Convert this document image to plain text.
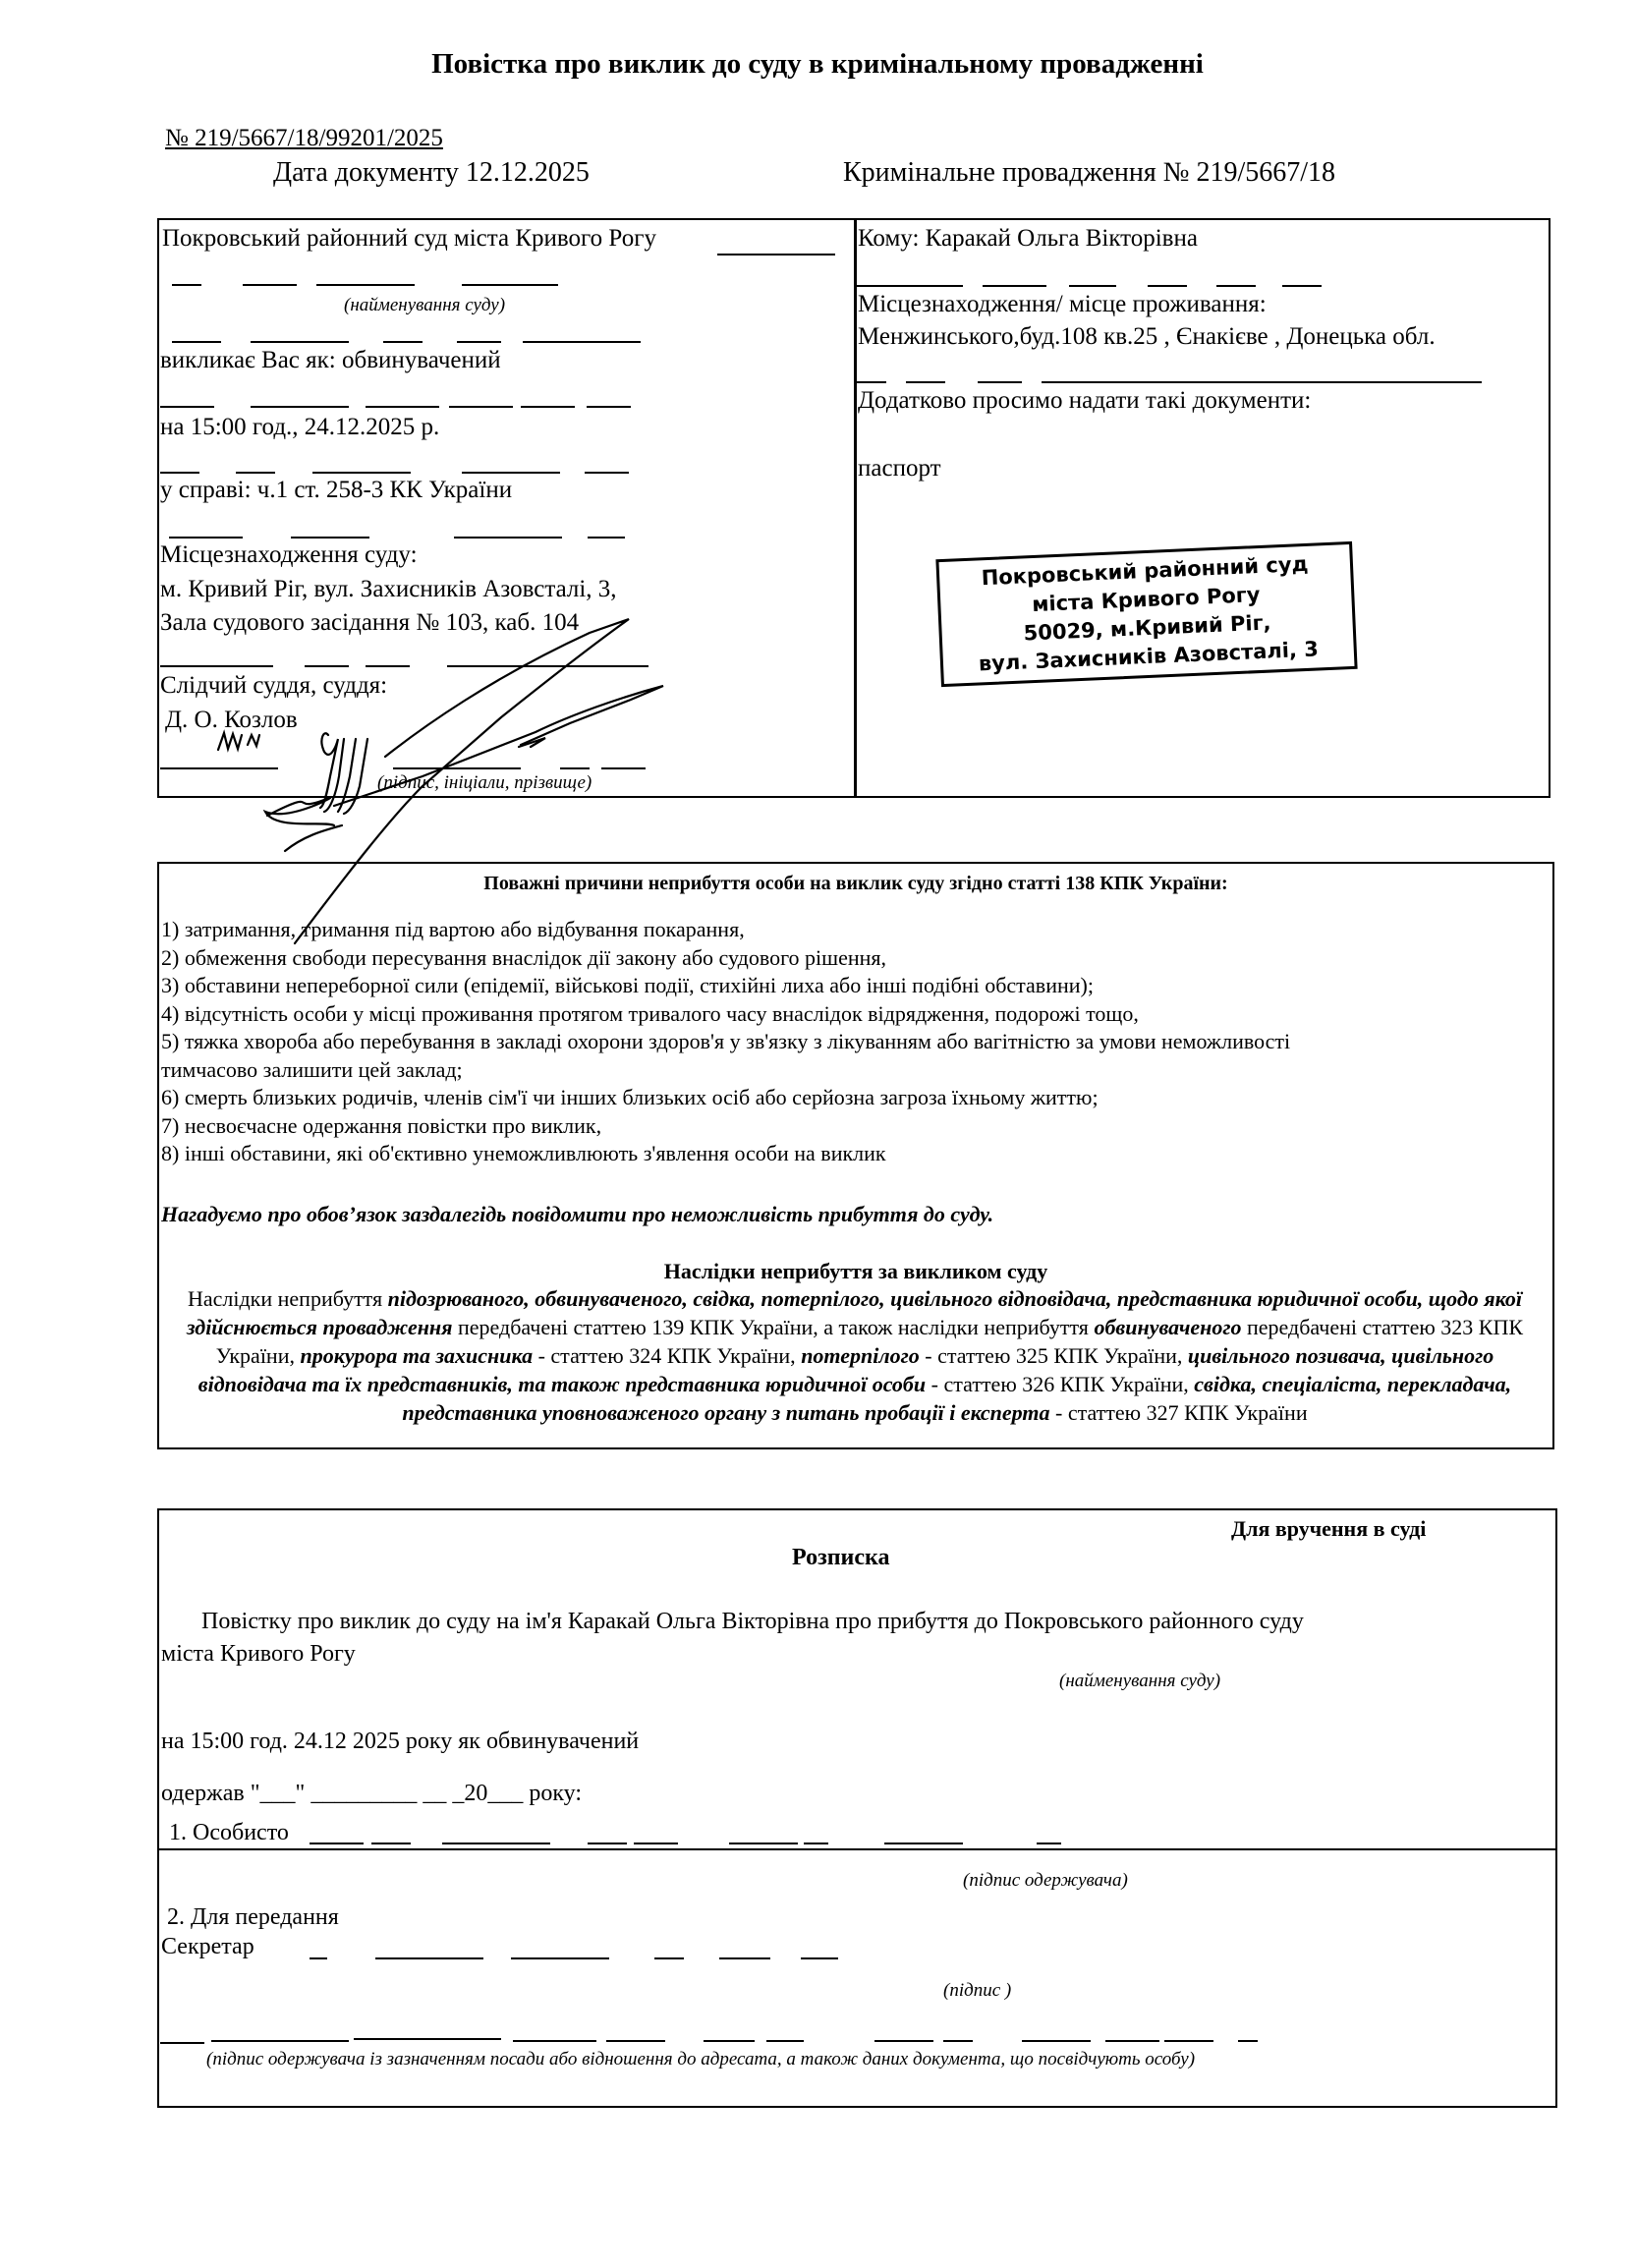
Повістка про виклик до суду в кримінальному провадженні
№ 219/5667/18/99201/2025
Дата документу 12.12.2025	Кримінальне провадження № 219/5667/18
Покровський районний суд міста Кривого Рогу
(найменування суду)
викликає Вас як: обвинувачений
на 15:00 год., 24.12.2025 р.
у справі: ч.1 ст. 258-3 КК України
Місцезнаходження суду:
м. Кривий Ріг, вул. Захисників Азовсталі, 3,
Зала судового засідання № 103, каб. 104
Слідчий суддя, суддя:
Д. О. Козлов
(підпис, ініціали, прізвище)
Кому: Каракай Ольга Вікторівна
Місцезнаходження/ місце проживання:
Менжинського,буд.108 кв.25 , Єнакієве , Донецька обл.
Додатково просимо надати такі документи:
паспорт
Покровський районний суд
міста Кривого Рогу
50029, м.Кривий Ріг,
вул. Захисників Азовсталі, 3
Поважні причини неприбуття особи на виклик суду згідно статті 138 КПК України:

1) затримання, тримання під вартою або відбування покарання,

2) обмеження свободи пересування внаслідок дії закону або судового рішення,

3) обставини непереборної сили (епідемії, військові події, стихійні лиха або інші подібні обставини);

4) відсутність особи у місці проживання протягом тривалого часу внаслідок відрядження, подорожі тощо,

5) тяжка хвороба або перебування в закладі охорони здоров'я у зв'язку з лікуванням або вагітністю за умови неможливості

тимчасово залишити цей заклад;

6) смерть близьких родичів, членів сім'ї чи інших близьких осіб або серйозна загроза їхньому життю;

7) несвоєчасне одержання повістки про виклик,

8) інші обставини, які об'єктивно унеможливлюють з'явлення особи на виклик

Нагадуємо про обов’язок заздалегідь повідомити про неможливість прибуття до суду.
Наслідки неприбуття за викликом суду
Наслідки неприбуття підозрюваного, обвинуваченого, свідка, потерпілого, цивільного відповідача, представника юридичної особи, щодо якої здійснюється провадження передбачені статтею 139 КПК України, а також наслідки неприбуття обвинуваченого передбачені статтею 323 КПК України, прокурора та захисника - статтею 324 КПК України, потерпілого - статтею 325 КПК України, цивільного позивача, цивільного відповідача та їх представників, та також представника юридичної особи - статтею 326 КПК України, свідка, спеціаліста, перекладача, представника уповноваженого органу з питань пробації і експерта - статтею 327 КПК України
Для вручення в суді
Розписка
Повістку про виклик до суду на ім'я Каракай Ольга Вікторівна про прибуття до Покровського районного суду
міста Кривого Рогу
(найменування суду)
на 15:00 год. 24.12 2025 року як обвинувачений
одержав "___" _________ __ _20___ року:
1. Особисто
(підпис одержувача)
2. Для передання
Секретар
(підпис )
(підпис одержувача із зазначенням посади або відношення до адресата, а також даних документа, що посвідчують особу)
